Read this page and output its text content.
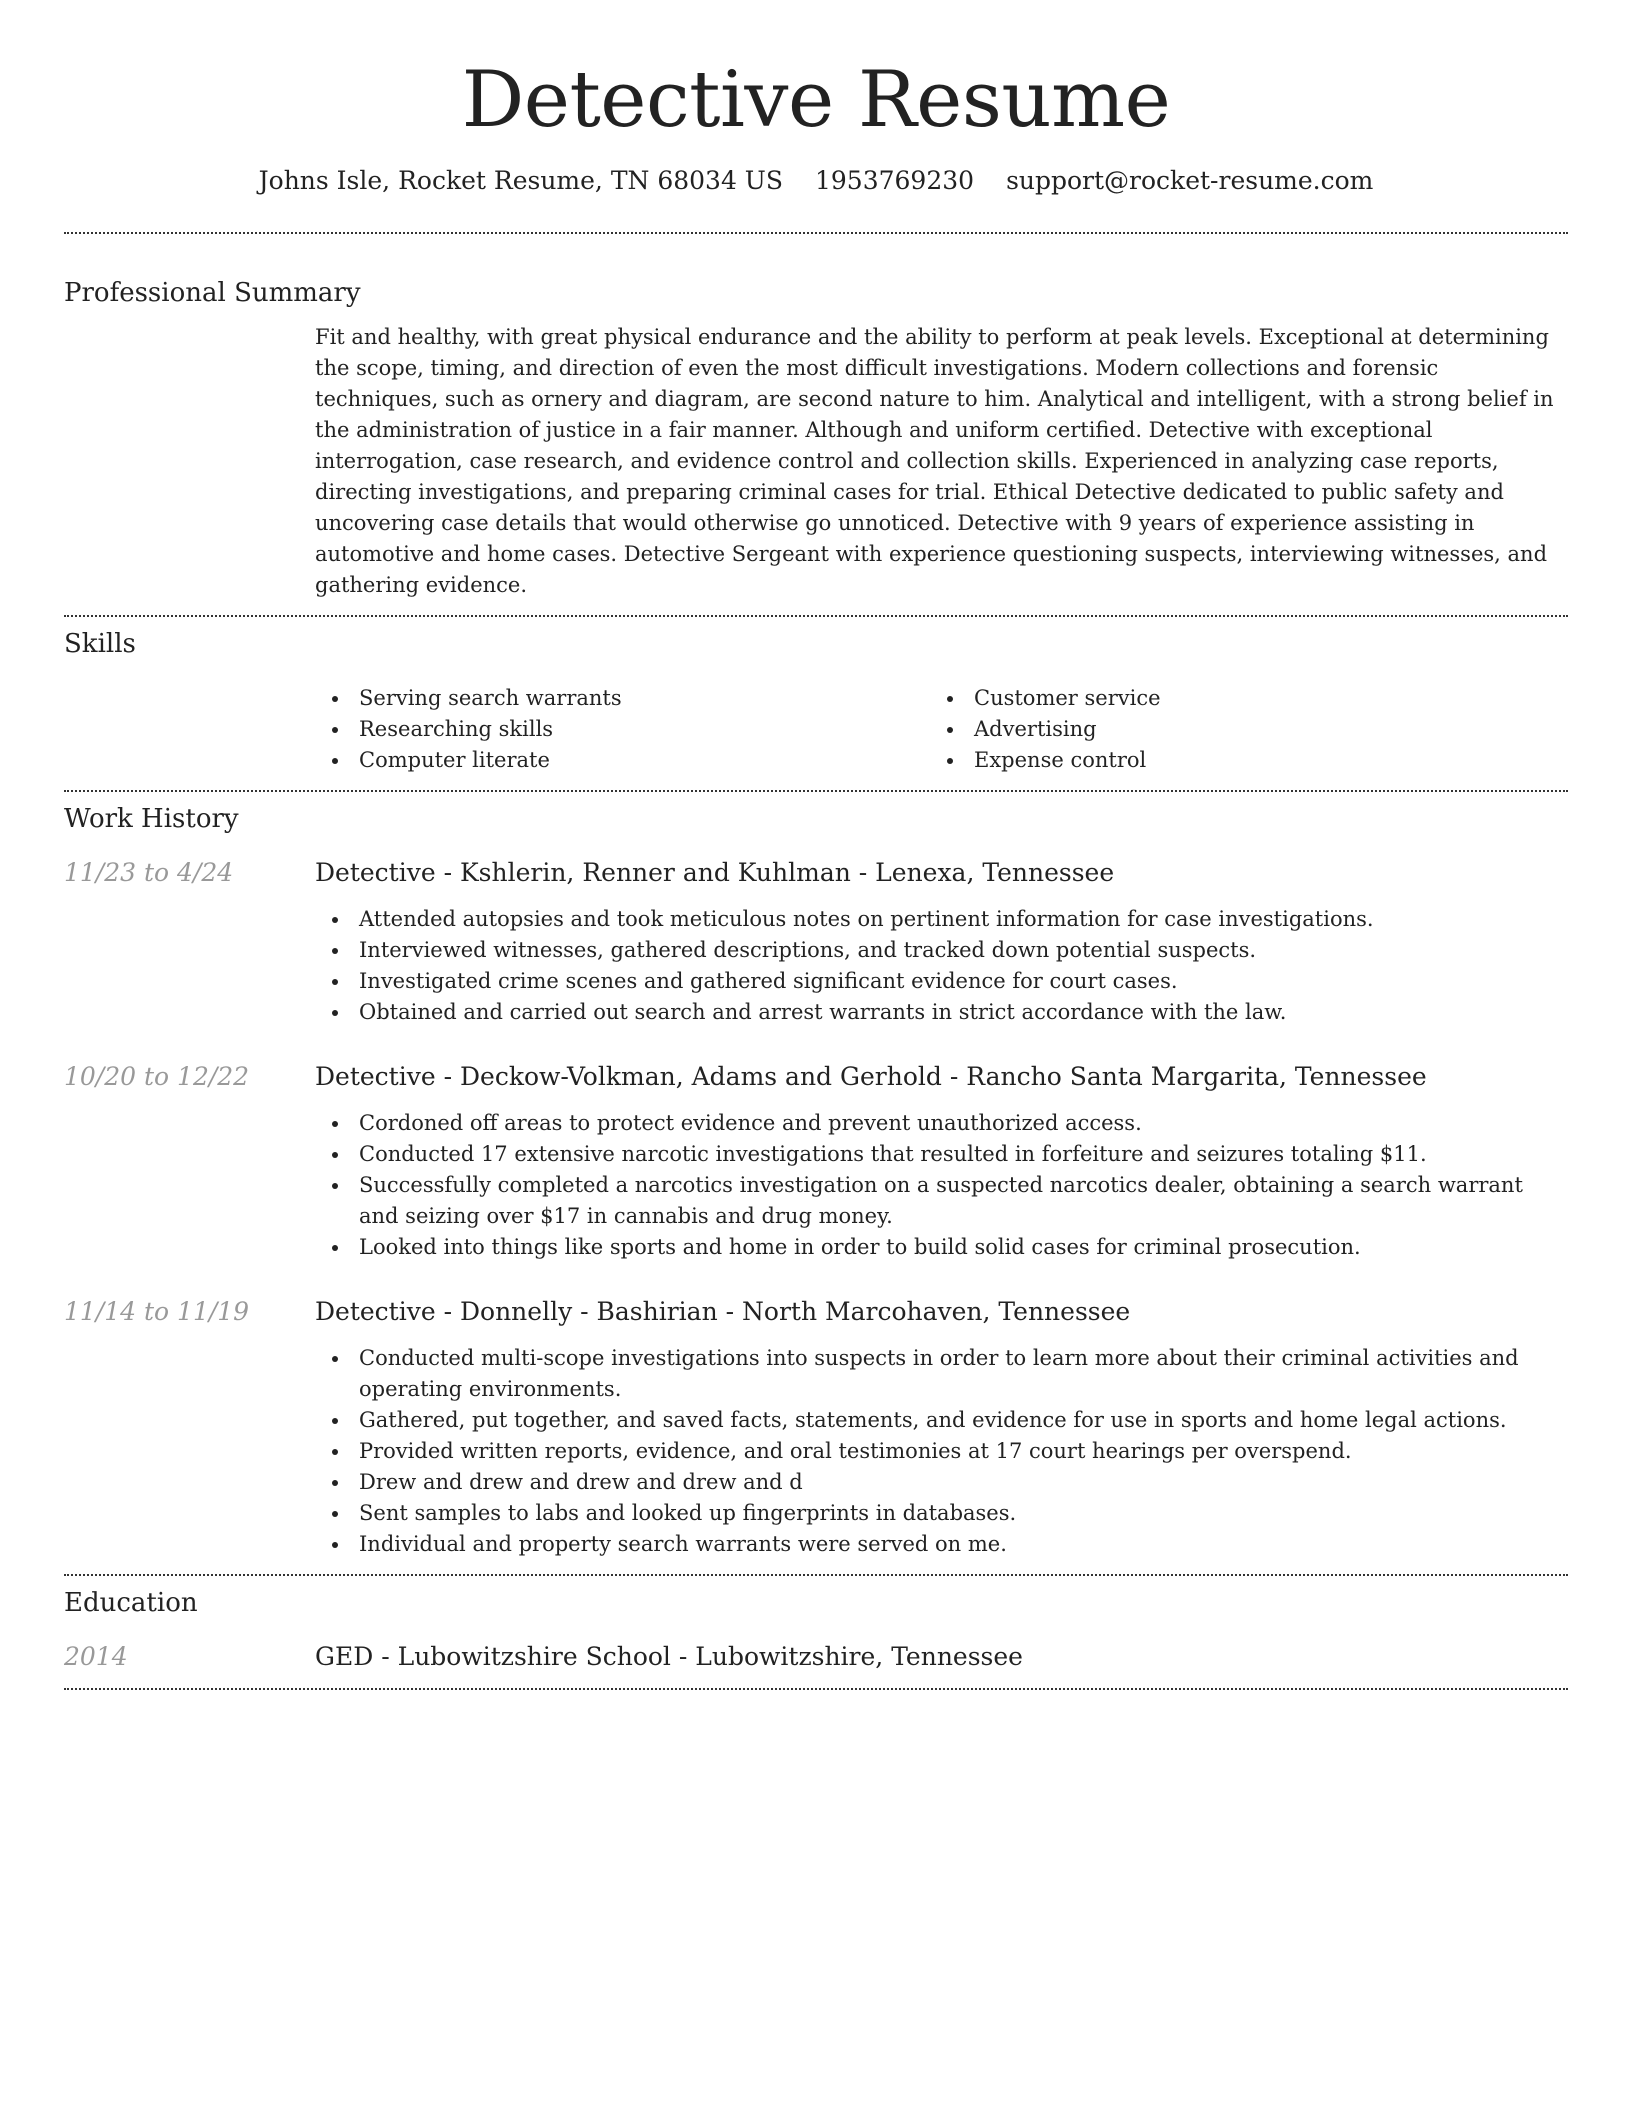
Detective Resume
Johns Isle, Rocket Resume, TN 68034 US 1953769230 support@rocket-resume.com
Professional Summary

Fit and healthy, with great physical endurance and the ability to perform at peak levels. Exceptional at determining the scope, timing, and direction of even the most difficult investigations. Modern collections and forensic techniques, such as ornery and diagram, are second nature to him. Analytical and intelligent, with a strong belief in the administration of justice in a fair manner. Although and uniform certified. Detective with exceptional interrogation, case research, and evidence control and collection skills. Experienced in analyzing case reports, directing investigations, and preparing criminal cases for trial. Ethical Detective dedicated to public safety and uncovering case details that would otherwise go unnoticed. Detective with 9 years of experience assisting in automotive and home cases. Detective Sergeant with experience questioning suspects, interviewing witnesses, and gathering evidence.

Skills
Serving search warrants
Researching skills
Computer literate
Customer service
Advertising
Expense control
Work History
11/23 to 4/24	Detective - Kshlerin, Renner and Kuhlman - Lenexa, Tennessee
Attended autopsies and took meticulous notes on pertinent information for case investigations.
Interviewed witnesses, gathered descriptions, and tracked down potential suspects.
Investigated crime scenes and gathered significant evidence for court cases.
Obtained and carried out search and arrest warrants in strict accordance with the law.
10/20 to 12/22	Detective - Deckow-Volkman, Adams and Gerhold - Rancho Santa Margarita, Tennessee
Cordoned off areas to protect evidence and prevent unauthorized access.
Conducted 17 extensive narcotic investigations that resulted in forfeiture and seizures totaling $11.
Successfully completed a narcotics investigation on a suspected narcotics dealer, obtaining a search warrant and seizing over $17 in cannabis and drug money.
Looked into things like sports and home in order to build solid cases for criminal prosecution.
11/14 to 11/19	Detective - Donnelly - Bashirian - North Marcohaven, Tennessee
Conducted multi-scope investigations into suspects in order to learn more about their criminal activities and operating environments.
Gathered, put together, and saved facts, statements, and evidence for use in sports and home legal actions.
Provided written reports, evidence, and oral testimonies at 17 court hearings per overspend.
Drew and drew and drew and drew and d
Sent samples to labs and looked up fingerprints in databases.
Individual and property search warrants were served on me.
Education
2014	GED - Lubowitzshire School - Lubowitzshire, Tennessee
